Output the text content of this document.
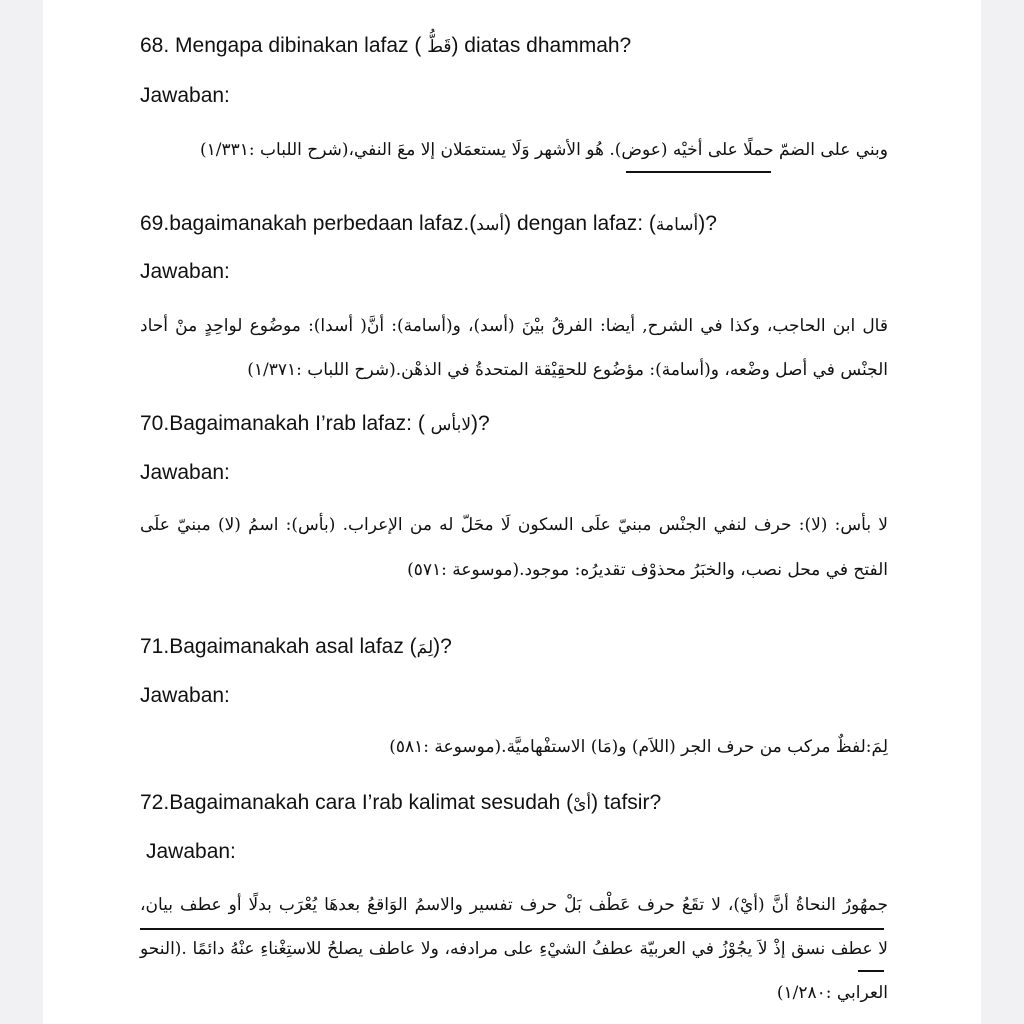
68. Mengapa dibinakan lafaz ( قَطُّ) diatas dhammah?

Jawaban:

وبني على الضمّ حملًا على أخيْه (عوض). هُو الأشهر وَلَا يستعمَلان إلا معَ النفي،(شرح اللباب :١/٣٣١)

69.bagaimanakah perbedaan lafaz.(أسد) dengan lafaz: (أسامة)?

Jawaban:

قال ابن الحاجب، وكذا في الشرح, أيضا: الفرقُ بيْنَ (أسد)، و(أسامة): أنَّ( أسدا): موضُوع لواحِدٍ منْ أحاد

الجنْس في أصل وضْعه، و(أسامة): مؤضُوع للحقِيْقة المتحدةُ في الذهْن.(شرح اللباب :١/٣٧١)

70.Bagaimanakah I’rab lafaz: ( لابأس)?

Jawaban:

لا بأس: (لا): حرف لنفي الجنْس مبنيّ علَى السكون لَا محَلّ له من الإعراب. (بأس): اسمُ (لا) مبنيّ علَى

الفتح في محل نصب، والخبَرُ محذوْف تقديرُه: موجود.(موسوعة :٥٧١)

71.Bagaimanakah asal lafaz (لِمَ)?

Jawaban:

لِمَ:لفظٌ مركب من حرف الجر (اللاَم) و(مَا) الاستفْهاميَّة.(موسوعة :٥٨١)

72.Bagaimanakah cara I’rab kalimat sesudah (أىْ) tafsir?

Jawaban:

جمهُورُ النحاةُ أنَّ (أيْ)، لا تقَعُ حرف عَطْف بَلْ حرف تفسير والاسمُ الوَاقعُ بعدهَا يُعْرَب بدلًا أو عطف بيان،

لا عطف نسق إذْ لاَ يجُوْزُ في العربيّة عطفُ الشيْءِ على مرادفه، ولا عاطف يصلحُ للاستِغْناءِ عنْهُ دائمًا .(النحو

العرابي :١/٢٨٠)
